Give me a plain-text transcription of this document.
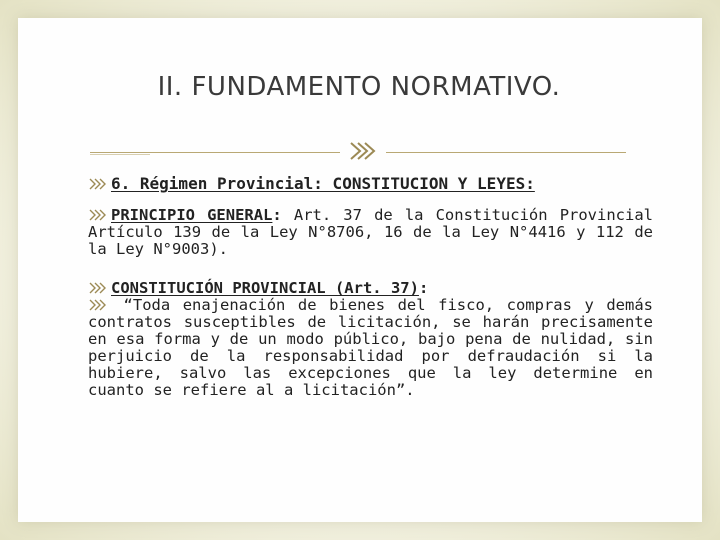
II. FUNDAMENTO NORMATIVO.

6. Régimen Provincial: CONSTITUCION Y LEYES:

PRINCIPIO GENERAL: Art. 37 de la Constitución Provincial Artículo 139 de la Ley N°8706, 16 de la Ley N°4416 y 112 de la Ley N°9003).

CONSTITUCIÓN PROVINCIAL (Art. 37):

“Toda enajenación de bienes del fisco, compras y demás contratos susceptibles de licitación, se harán precisamente en esa forma y de un modo público, bajo pena de nulidad, sin perjuicio de la responsabilidad por defraudación si la hubiere, salvo las excepciones que la ley determine en cuanto se refiere al a licitación”.
